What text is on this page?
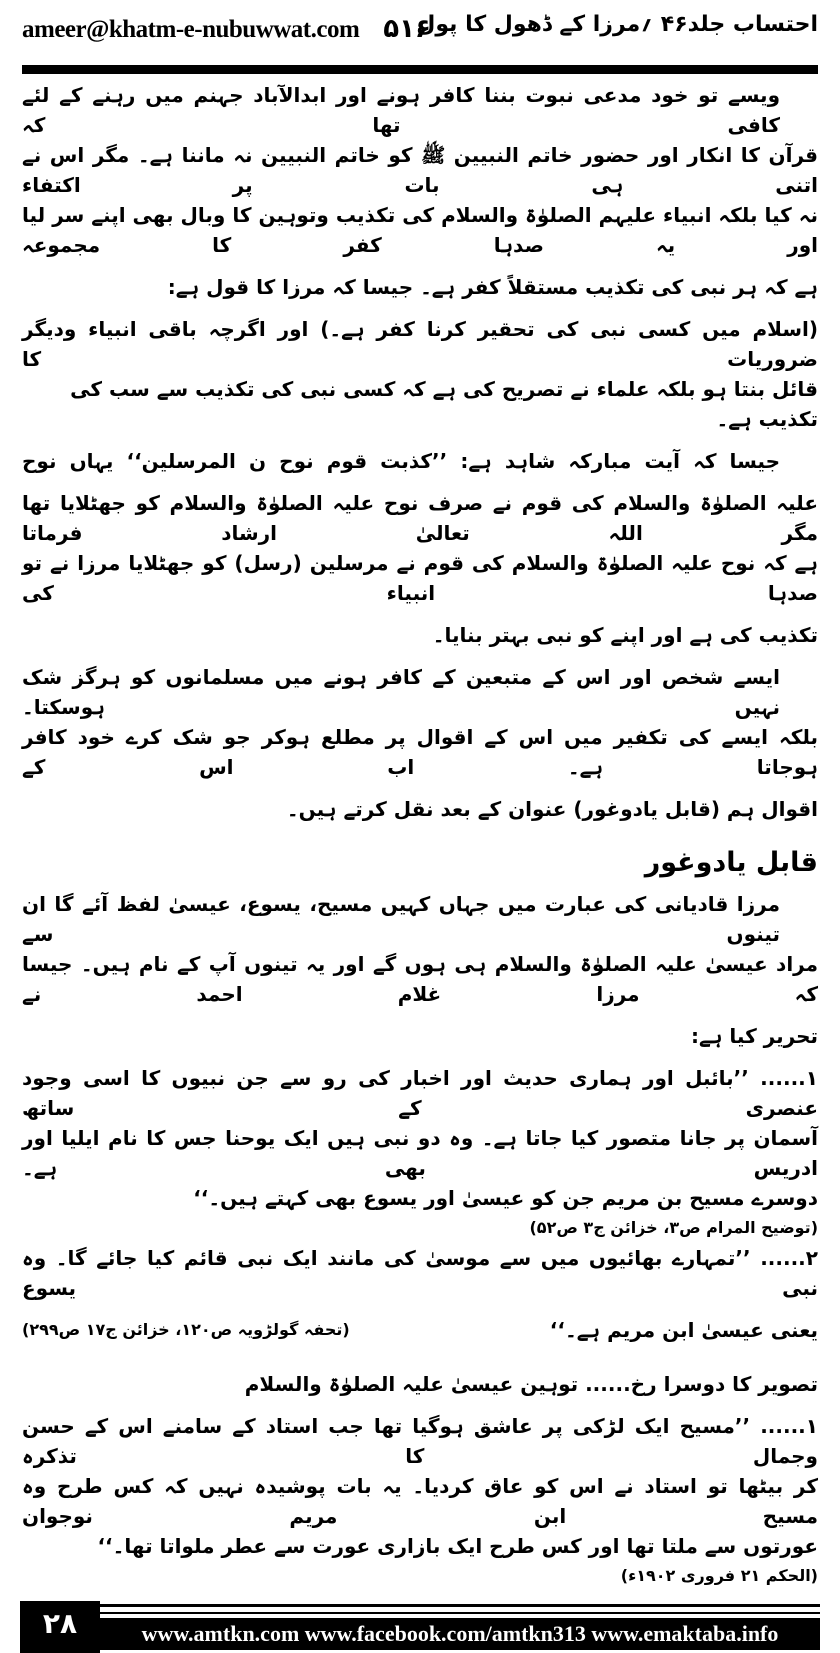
ameer@khatm-e-nubuwwat.com ۵۱۶
احتساب جلد۴۶ ؍مرزا کے ڈھول کا پول
ویسے تو خود مدعی نبوت بننا کافر ہونے اور ابدالآباد جہنم میں رہنے کے لئے کافی تھا کہ
قرآن کا انکار اور حضور خاتم النبیین ﷺ کو خاتم النبیین نہ ماننا ہے۔ مگر اس نے اتنی ہی بات پر اکتفاء
نہ کیا بلکہ انبیاء علیہم الصلوٰۃ والسلام کی تکذیب وتوہین کا وبال بھی اپنے سر لیا اور یہ صدہا کفر کا مجموعہ
ہے کہ ہر نبی کی تکذیب مستقلاً کفر ہے۔ جیسا کہ مرزا کا قول ہے:
(اسلام میں کسی نبی کی تحقیر کرنا کفر ہے۔) اور اگرچہ باقی انبیاء ودیگر ضروریات کا
قائل بنتا ہو بلکہ علماء نے تصریح کی ہے کہ کسی نبی کی تکذیب سے سب کی تکذیب ہے۔
جیسا کہ آیت مبارکہ شاہد ہے: ’’کذبت قوم نوح ن المرسلین‘‘ یہاں نوح
علیہ الصلوٰۃ والسلام کی قوم نے صرف نوح علیہ الصلوٰۃ والسلام کو جھٹلایا تھا مگر اللہ تعالیٰ ارشاد فرماتا
ہے کہ نوح علیہ الصلوٰۃ والسلام کی قوم نے مرسلین (رسل) کو جھٹلایا مرزا نے تو صدہا انبیاء کی
تکذیب کی ہے اور اپنے کو نبی بہتر بنایا۔
ایسے شخص اور اس کے متبعین کے کافر ہونے میں مسلمانوں کو ہرگز شک نہیں ہوسکتا۔
بلکہ ایسے کی تکفیر میں اس کے اقوال پر مطلع ہوکر جو شک کرے خود کافر ہوجاتا ہے۔ اب اس کے
اقوال ہم (قابل یادوغور) عنوان کے بعد نقل کرتے ہیں۔
قابل یادوغور
مرزا قادیانی کی عبارت میں جہاں کہیں مسیح، یسوع، عیسیٰ لفظ آئے گا ان تینوں سے
مراد عیسیٰ علیہ الصلوٰۃ والسلام ہی ہوں گے اور یہ تینوں آپ کے نام ہیں۔ جیسا کہ مرزا غلام احمد نے
تحریر کیا ہے:
۱...... ’’بائبل اور ہماری حدیث اور اخبار کی رو سے جن نبیوں کا اسی وجود عنصری کے ساتھ
آسمان پر جانا متصور کیا جاتا ہے۔ وہ دو نبی ہیں ایک یوحنا جس کا نام ایلیا اور ادریس بھی ہے۔
دوسرے مسیح بن مریم جن کو عیسیٰ اور یسوع بھی کہتے ہیں۔‘‘
(توضیح المرام ص۳، خزائن ج۳ ص۵۲)
۲...... ’’تمہارے بھائیوں میں سے موسیٰ کی مانند ایک نبی قائم کیا جائے گا۔ وہ نبی یسوع
یعنی عیسیٰ ابن مریم ہے۔‘‘
(تحفہ گولڑویہ ص۱۲۰، خزائن ج۱۷ ص۲۹۹)
تصویر کا دوسرا رخ...... توہین عیسیٰ علیہ الصلوٰۃ والسلام
۱...... ’’مسیح ایک لڑکی پر عاشق ہوگیا تھا جب استاد کے سامنے اس کے حسن وجمال کا تذکرہ
کر بیٹھا تو استاد نے اس کو عاق کردیا۔ یہ بات پوشیدہ نہیں کہ کس طرح وہ مسیح ابن مریم نوجوان
عورتوں سے ملتا تھا اور کس طرح ایک بازاری عورت سے عطر ملواتا تھا۔‘‘
(الحکم ۲۱ فروری ۱۹۰۲ء)
۲۸	www.amtkn.com www.facebook.com/amtkn313 www.emaktaba.info
